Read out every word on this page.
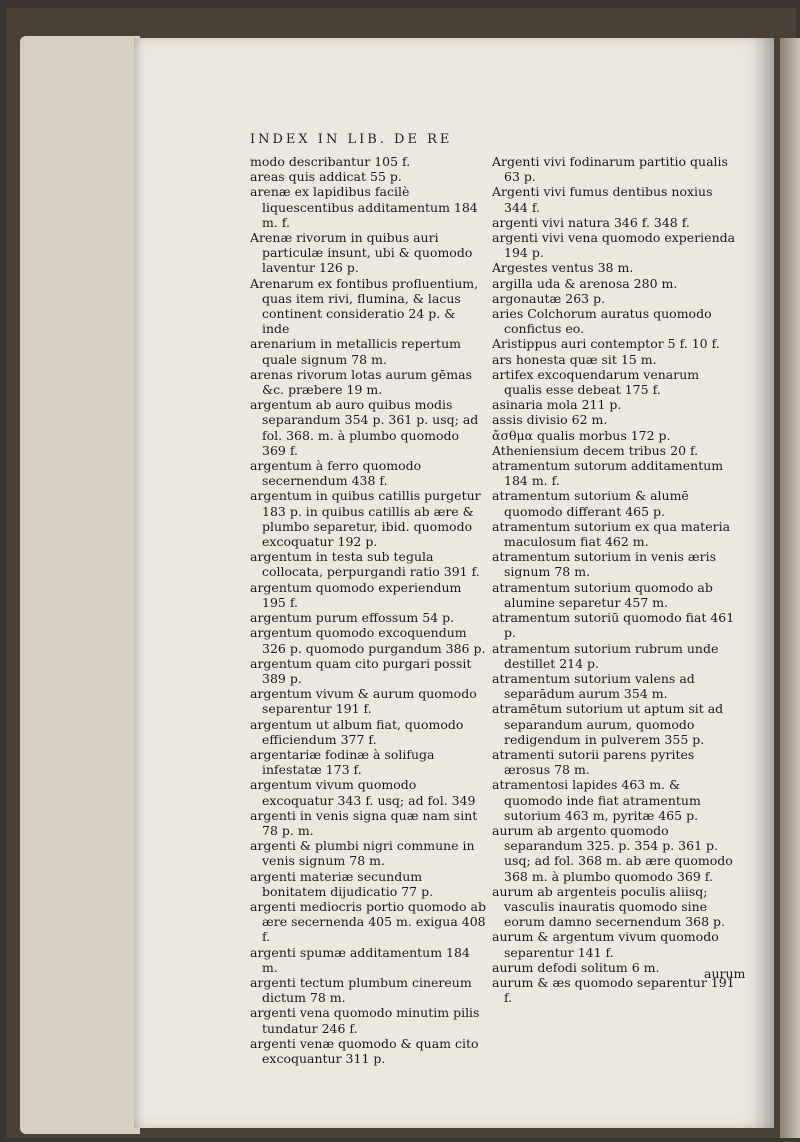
INDEX IN LIB. DE RE

modo describantur 105 f.

areas quis addicat 55 p.

arenæ ex lapidibus facilè liquescentibus additamentum 184 m. f.

Arenæ rivorum in quibus auri particulæ insunt, ubi & quomodo laventur 126 p.

Arenarum ex fontibus profluentium, quas item rivi, flumina, & lacus continent consideratio 24 p. & inde

arenarium in metallicis repertum quale signum 78 m.

arenas rivorum lotas aurum gēmas &c. præbere 19 m.

argentum ab auro quibus modis separandum 354 p. 361 p. usq; ad fol. 368. m. à plumbo quomodo 369 f.

argentum à ferro quomodo secernendum 438 f.

argentum in quibus catillis purgetur 183 p. in quibus catillis ab ære & plumbo separetur, ibid. quomodo excoquatur 192 p.

argentum in testa sub tegula collocata, perpurgandi ratio 391 f.

argentum quomodo experiendum 195 f.

argentum purum effossum 54 p.

argentum quomodo excoquendum 326 p. quomodo purgandum 386 p.

argentum quam cito purgari possit 389 p.

argentum vivum & aurum quomodo separentur 191 f.

argentum ut album fiat, quomodo efficiendum 377 f.

argentariæ fodinæ à solifuga infestatæ 173 f.

argentum vivum quomodo excoquatur 343 f. usq; ad fol. 349

argenti in venis signa quæ nam sint 78 p. m.

argenti & plumbi nigri commune in venis signum 78 m.

argenti materiæ secundum bonitatem dijudicatio 77 p.

argenti mediocris portio quomodo ab ære secernenda 405 m. exigua 408 f.

argenti spumæ additamentum 184 m.

argenti tectum plumbum cinereum dictum 78 m.

argenti vena quomodo minutim pilis tundatur 246 f.

argenti venæ quomodo & quam cito excoquantur 311 p.

Argenti vivi fodinarum partitio qualis 63 p.

Argenti vivi fumus dentibus noxius 344 f.

argenti vivi natura 346 f. 348 f.

argenti vivi vena quomodo experienda 194 p.

Argestes ventus 38 m.

argilla uda & arenosa 280 m.

argonautæ 263 p.

aries Colchorum auratus quomodo confictus eo.

Aristippus auri contemptor 5 f. 10 f.

ars honesta quæ sit 15 m.

artifex excoquendarum venarum qualis esse debeat 175 f.

asinaria mola 211 p.

assis divisio 62 m.

ἄσθμα qualis morbus 172 p.

Atheniensium decem tribus 20 f.

atramentum sutorum additamentum 184 m. f.

atramentum sutorium & alumē quomodo differant 465 p.

atramentum sutorium ex qua materia maculosum fiat 462 m.

atramentum sutorium in venis æris signum 78 m.

atramentum sutorium quomodo ab alumine separetur 457 m.

atramentum sutoriū quomodo fiat 461 p.

atramentum sutorium rubrum unde destillet 214 p.

atramentum sutorium valens ad separādum aurum 354 m.

atramētum sutorium ut aptum sit ad separandum aurum, quomodo redigendum in pulverem 355 p.

atramenti sutorii parens pyrites ærosus 78 m.

atramentosi lapides 463 m. & quomodo inde fiat atramentum sutorium 463 m, pyritæ 465 p.

aurum ab argento quomodo separandum 325. p. 354 p. 361 p. usq; ad fol. 368 m. ab ære quomodo 368 m. à plumbo quomodo 369 f.

aurum ab argenteis poculis aliisq; vasculis inauratis quomodo sine eorum damno secernendum 368 p.

aurum & argentum vivum quomodo separentur 141 f.

aurum defodi solitum 6 m.

aurum & æs quomodo separentur 191 f.

aurum
